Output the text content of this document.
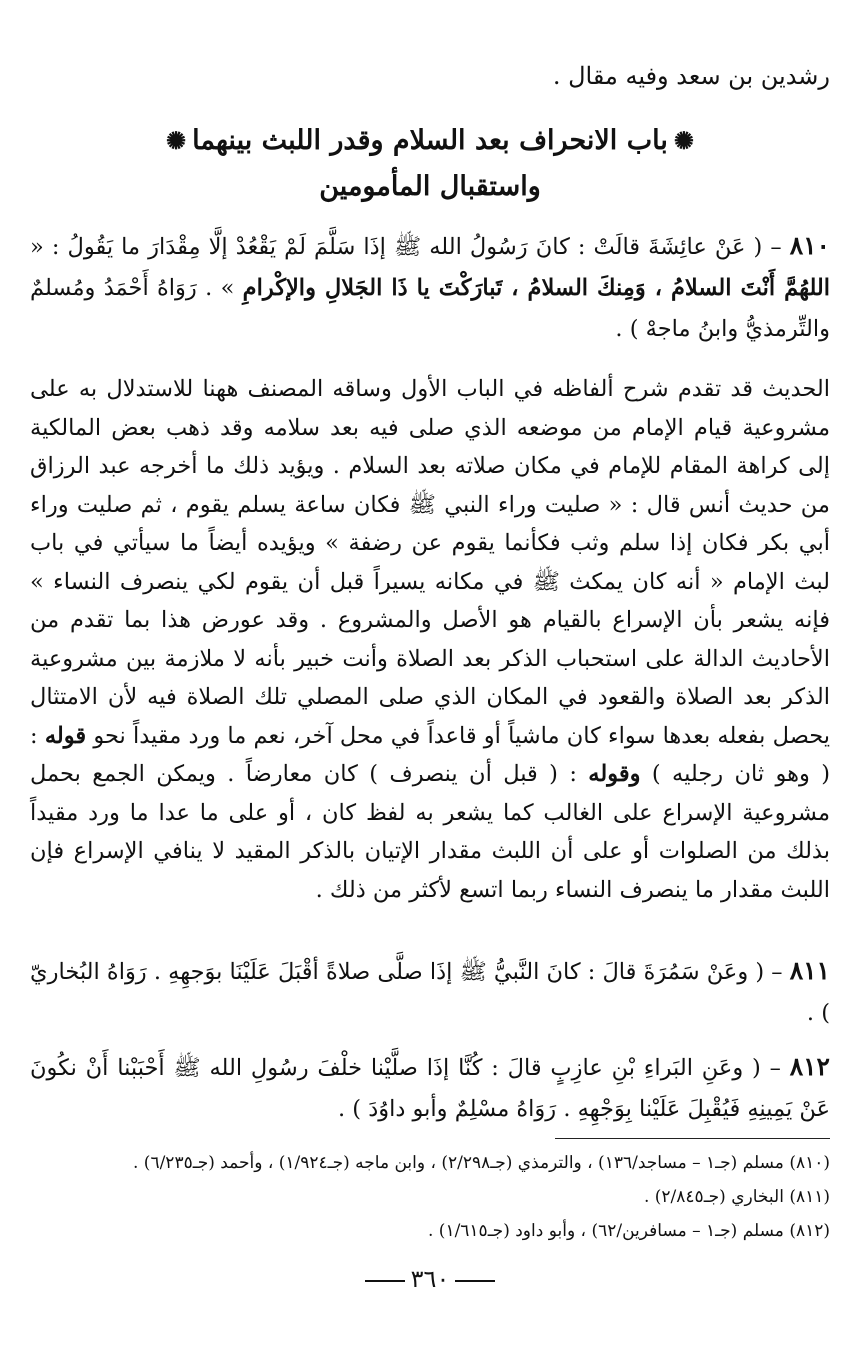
رشدين بن سعد وفيه مقال .
✺باب الانحراف بعد السلام وقدر اللبث بينهما✺
واستقبال المأمومين
٨١٠ – ( عَنْ عائِشَةَ قالَتْ : كانَ رَسُولُ الله ﷺ إذَا سَلَّمَ لَمْ يَقْعُدْ إلَّا مِقْدَارَ ما يَقُولُ : « اللهُمَّ أَنْتَ السلامُ ، وَمِنكَ السلامُ ، تَبارَكْتَ يا ذَا الجَلالِ والإكْرامِ » . رَوَاهُ أَحْمَدُ ومُسلمٌ والتِّرمذيُّ وابنُ ماجهْ ) .
الحديث قد تقدم شرح ألفاظه في الباب الأول وساقه المصنف ههنا للاستدلال به على مشروعية قيام الإمام من موضعه الذي صلى فيه بعد سلامه وقد ذهب بعض المالكية إلى كراهة المقام للإمام في مكان صلاته بعد السلام . ويؤيد ذلك ما أخرجه عبد الرزاق من حديث أنس قال : « صليت وراء النبي ﷺ فكان ساعة يسلم يقوم ، ثم صليت وراء أبي بكر فكان إذا سلم وثب فكأنما يقوم عن رضفة » ويؤيده أيضاً ما سيأتي في باب لبث الإمام « أنه كان يمكث ﷺ في مكانه يسيراً قبل أن يقوم لكي ينصرف النساء » فإنه يشعر بأن الإسراع بالقيام هو الأصل والمشروع . وقد عورض هذا بما تقدم من الأحاديث الدالة على استحباب الذكر بعد الصلاة وأنت خبير بأنه لا ملازمة بين مشروعية الذكر بعد الصلاة والقعود في المكان الذي صلى المصلي تلك الصلاة فيه لأن الامتثال يحصل بفعله بعدها سواء كان ماشياً أو قاعداً في محل آخر، نعم ما ورد مقيداً نحو قوله : ( وهو ثان رجليه ) وقوله : ( قبل أن ينصرف ) كان معارضاً . ويمكن الجمع بحمل مشروعية الإسراع على الغالب كما يشعر به لفظ كان ، أو على ما عدا ما ورد مقيداً بذلك من الصلوات أو على أن اللبث مقدار الإتيان بالذكر المقيد لا ينافي الإسراع فإن اللبث مقدار ما ينصرف النساء ربما اتسع لأكثر من ذلك .
٨١١ – ( وعَنْ سَمُرَةَ قالَ : كانَ النَّبيُّ ﷺ إذَا صلَّى صلاةً أقْبَلَ عَلَيْنَا بوَجهِهِ . رَوَاهُ البُخاريّ ) .
٨١٢ – ( وعَنِ البَراءِ بْنِ عازِبٍ قالَ : كُنَّا إذَا صلَّيْنا خلْفَ رسُولِ الله ﷺ أَحْبَبْنا أَنْ نكُونَ عَنْ يَمِينِهِ فَيُقْبِلَ عَلَيْنا بِوَجْهِهِ . رَوَاهُ مسْلِمٌ وأبو داوُدَ ) .
(٨١٠) مسلم (جـ١ – مساجد/١٣٦) ، والترمذي (جـ٢/٢٩٨) ، وابن ماجه (جـ١/٩٢٤) ، وأحمد (جـ٦/٢٣٥) .
(٨١١) البخاري (جـ٢/٨٤٥) .
(٨١٢) مسلم (جـ١ – مسافرين/٦٢) ، وأبو داود (جـ١/٦١٥) .
٣٦٠
